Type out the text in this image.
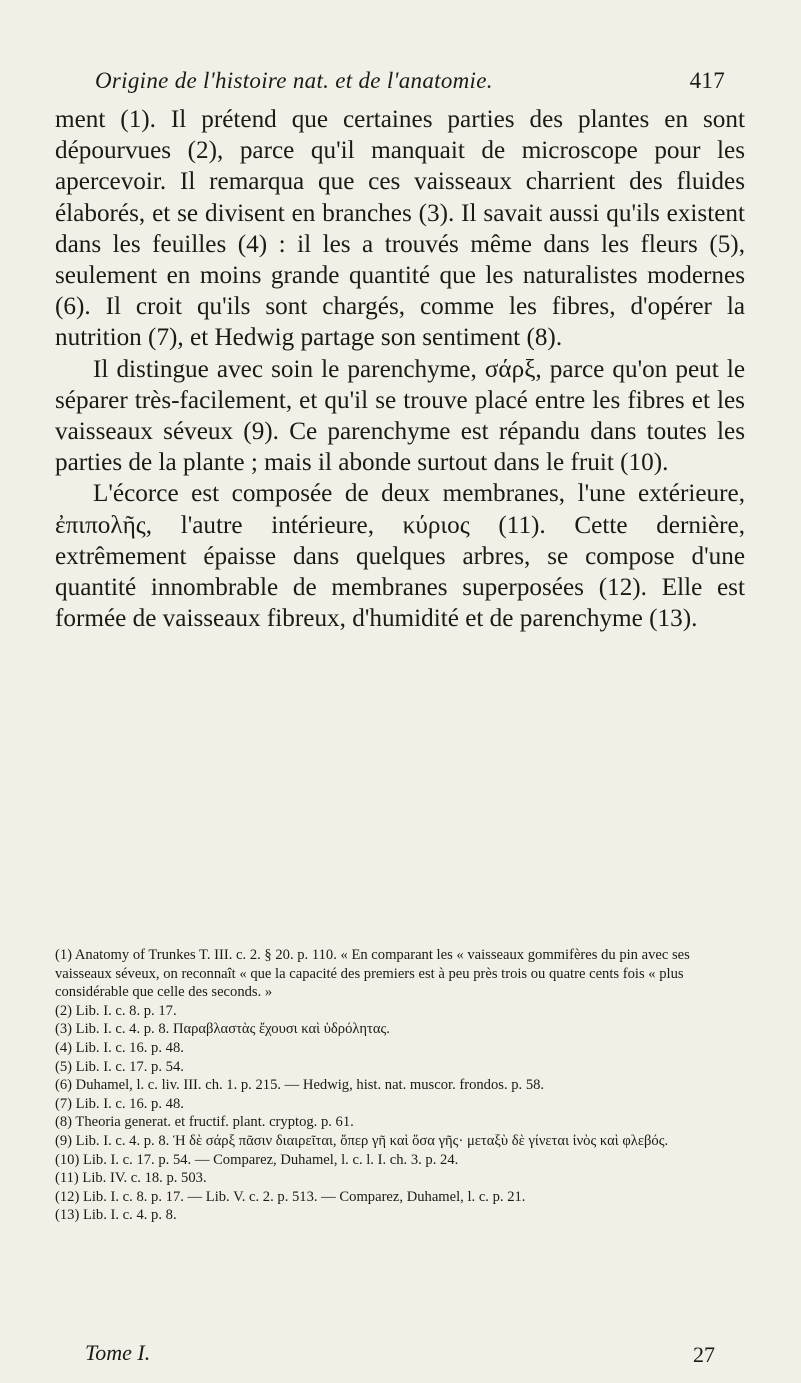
Origine de l'histoire nat. et de l'anatomie.	417

ment (1). Il prétend que certaines parties des plantes en sont dépourvues (2), parce qu'il manquait de microscope pour les apercevoir. Il remarqua que ces vaisseaux charrient des fluides élaborés, et se divisent en branches (3). Il savait aussi qu'ils existent dans les feuilles (4) : il les a trouvés même dans les fleurs (5), seulement en moins grande quantité que les naturalistes modernes (6). Il croit qu'ils sont chargés, comme les fibres, d'opérer la nutrition (7), et Hedwig partage son sentiment (8).

Il distingue avec soin le parenchyme, σάρξ, parce qu'on peut le séparer très-facilement, et qu'il se trouve placé entre les fibres et les vaisseaux séveux (9). Ce parenchyme est répandu dans toutes les parties de la plante ; mais il abonde surtout dans le fruit (10).

L'écorce est composée de deux membranes, l'une extérieure, ἐπιπολῆς, l'autre intérieure, κύριος (11). Cette dernière, extrêmement épaisse dans quelques arbres, se compose d'une quantité innombrable de membranes superposées (12). Elle est formée de vaisseaux fibreux, d'humidité et de parenchyme (13).

(1) Anatomy of Trunkes T. III. c. 2. § 20. p. 110. « En comparant les « vaisseaux gommifères du pin avec ses vaisseaux séveux, on reconnaît « que la capacité des premiers est à peu près trois ou quatre cents fois « plus considérable que celle des seconds. »

(2) Lib. I. c. 8. p. 17.

(3) Lib. I. c. 4. p. 8. Παραβλαστὰς ἔχουσι καὶ ὑδρόλητας.

(4) Lib. I. c. 16. p. 48.

(5) Lib. I. c. 17. p. 54.

(6) Duhamel, l. c. liv. III. ch. 1. p. 215. — Hedwig, hist. nat. muscor. frondos. p. 58.

(7) Lib. I. c. 16. p. 48.

(8) Theoria generat. et fructif. plant. cryptog. p. 61.

(9) Lib. I. c. 4. p. 8. Ἡ δὲ σάρξ πᾶσιν διαιρεῖται, ὅπερ γῆ καὶ ὅσα γῆς· μεταξὺ δὲ γίνεται ἰνὸς καὶ φλεβός.

(10) Lib. I. c. 17. p. 54. — Comparez, Duhamel, l. c. l. I. ch. 3. p. 24.

(11) Lib. IV. c. 18. p. 503.

(12) Lib. I. c. 8. p. 17. — Lib. V. c. 2. p. 513. — Comparez, Duhamel, l. c. p. 21.

(13) Lib. I. c. 4. p. 8.

Tome I.	27
